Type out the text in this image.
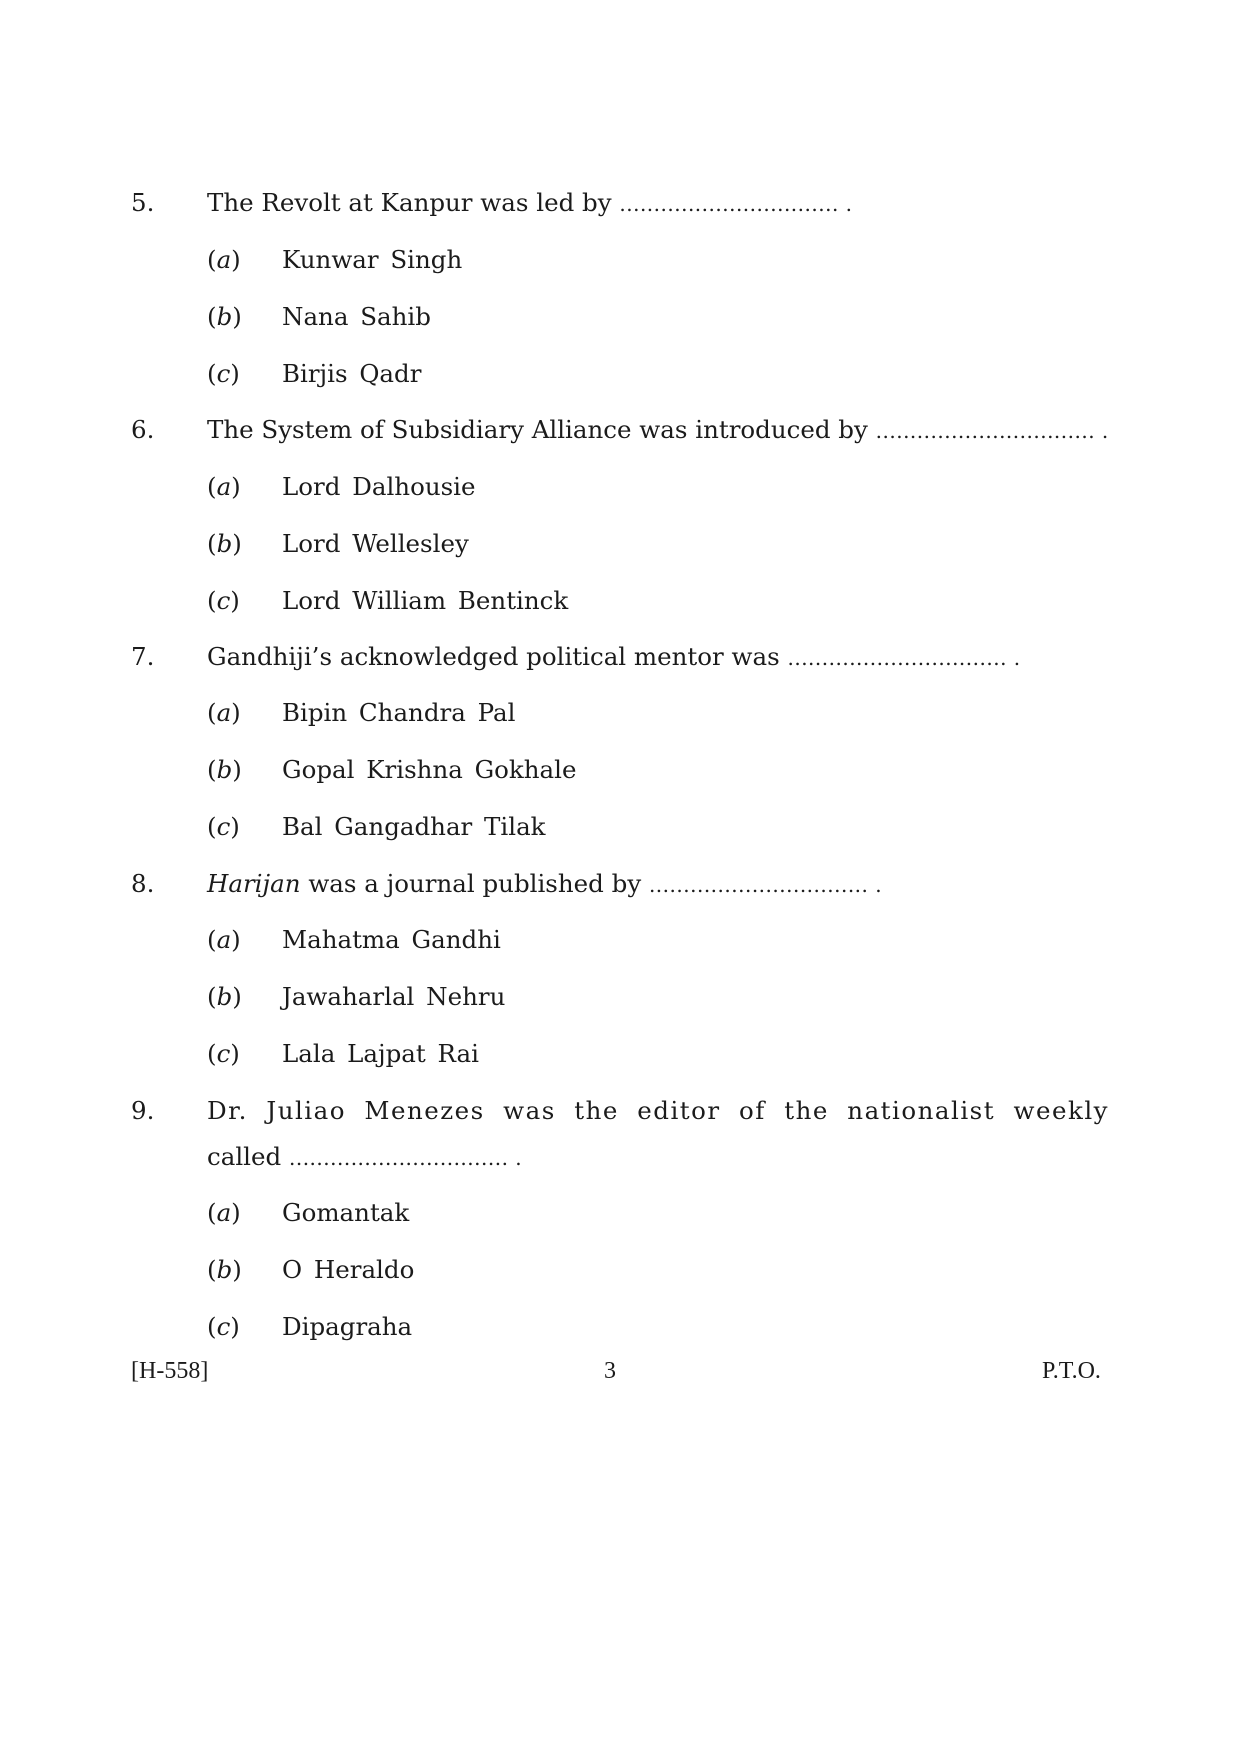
5. The Revolt at Kanpur was led by ................................ .
(a) Kunwar Singh
(b) Nana Sahib
(c) Birjis Qadr
6. The System of Subsidiary Alliance was introduced by ................................ .
(a) Lord Dalhousie
(b) Lord Wellesley
(c) Lord William Bentinck
7. Gandhiji’s acknowledged political mentor was ................................ .
(a) Bipin Chandra Pal
(b) Gopal Krishna Gokhale
(c) Bal Gangadhar Tilak
8. Harijan was a journal published by ................................ .
(a) Mahatma Gandhi
(b) Jawaharlal Nehru
(c) Lala Lajpat Rai
9. Dr. Juliao Menezes was the editor of the nationalist weekly
called ................................ .
(a) Gomantak
(b) O Heraldo
(c) Dipagraha
[H-558]	3	P.T.O.
